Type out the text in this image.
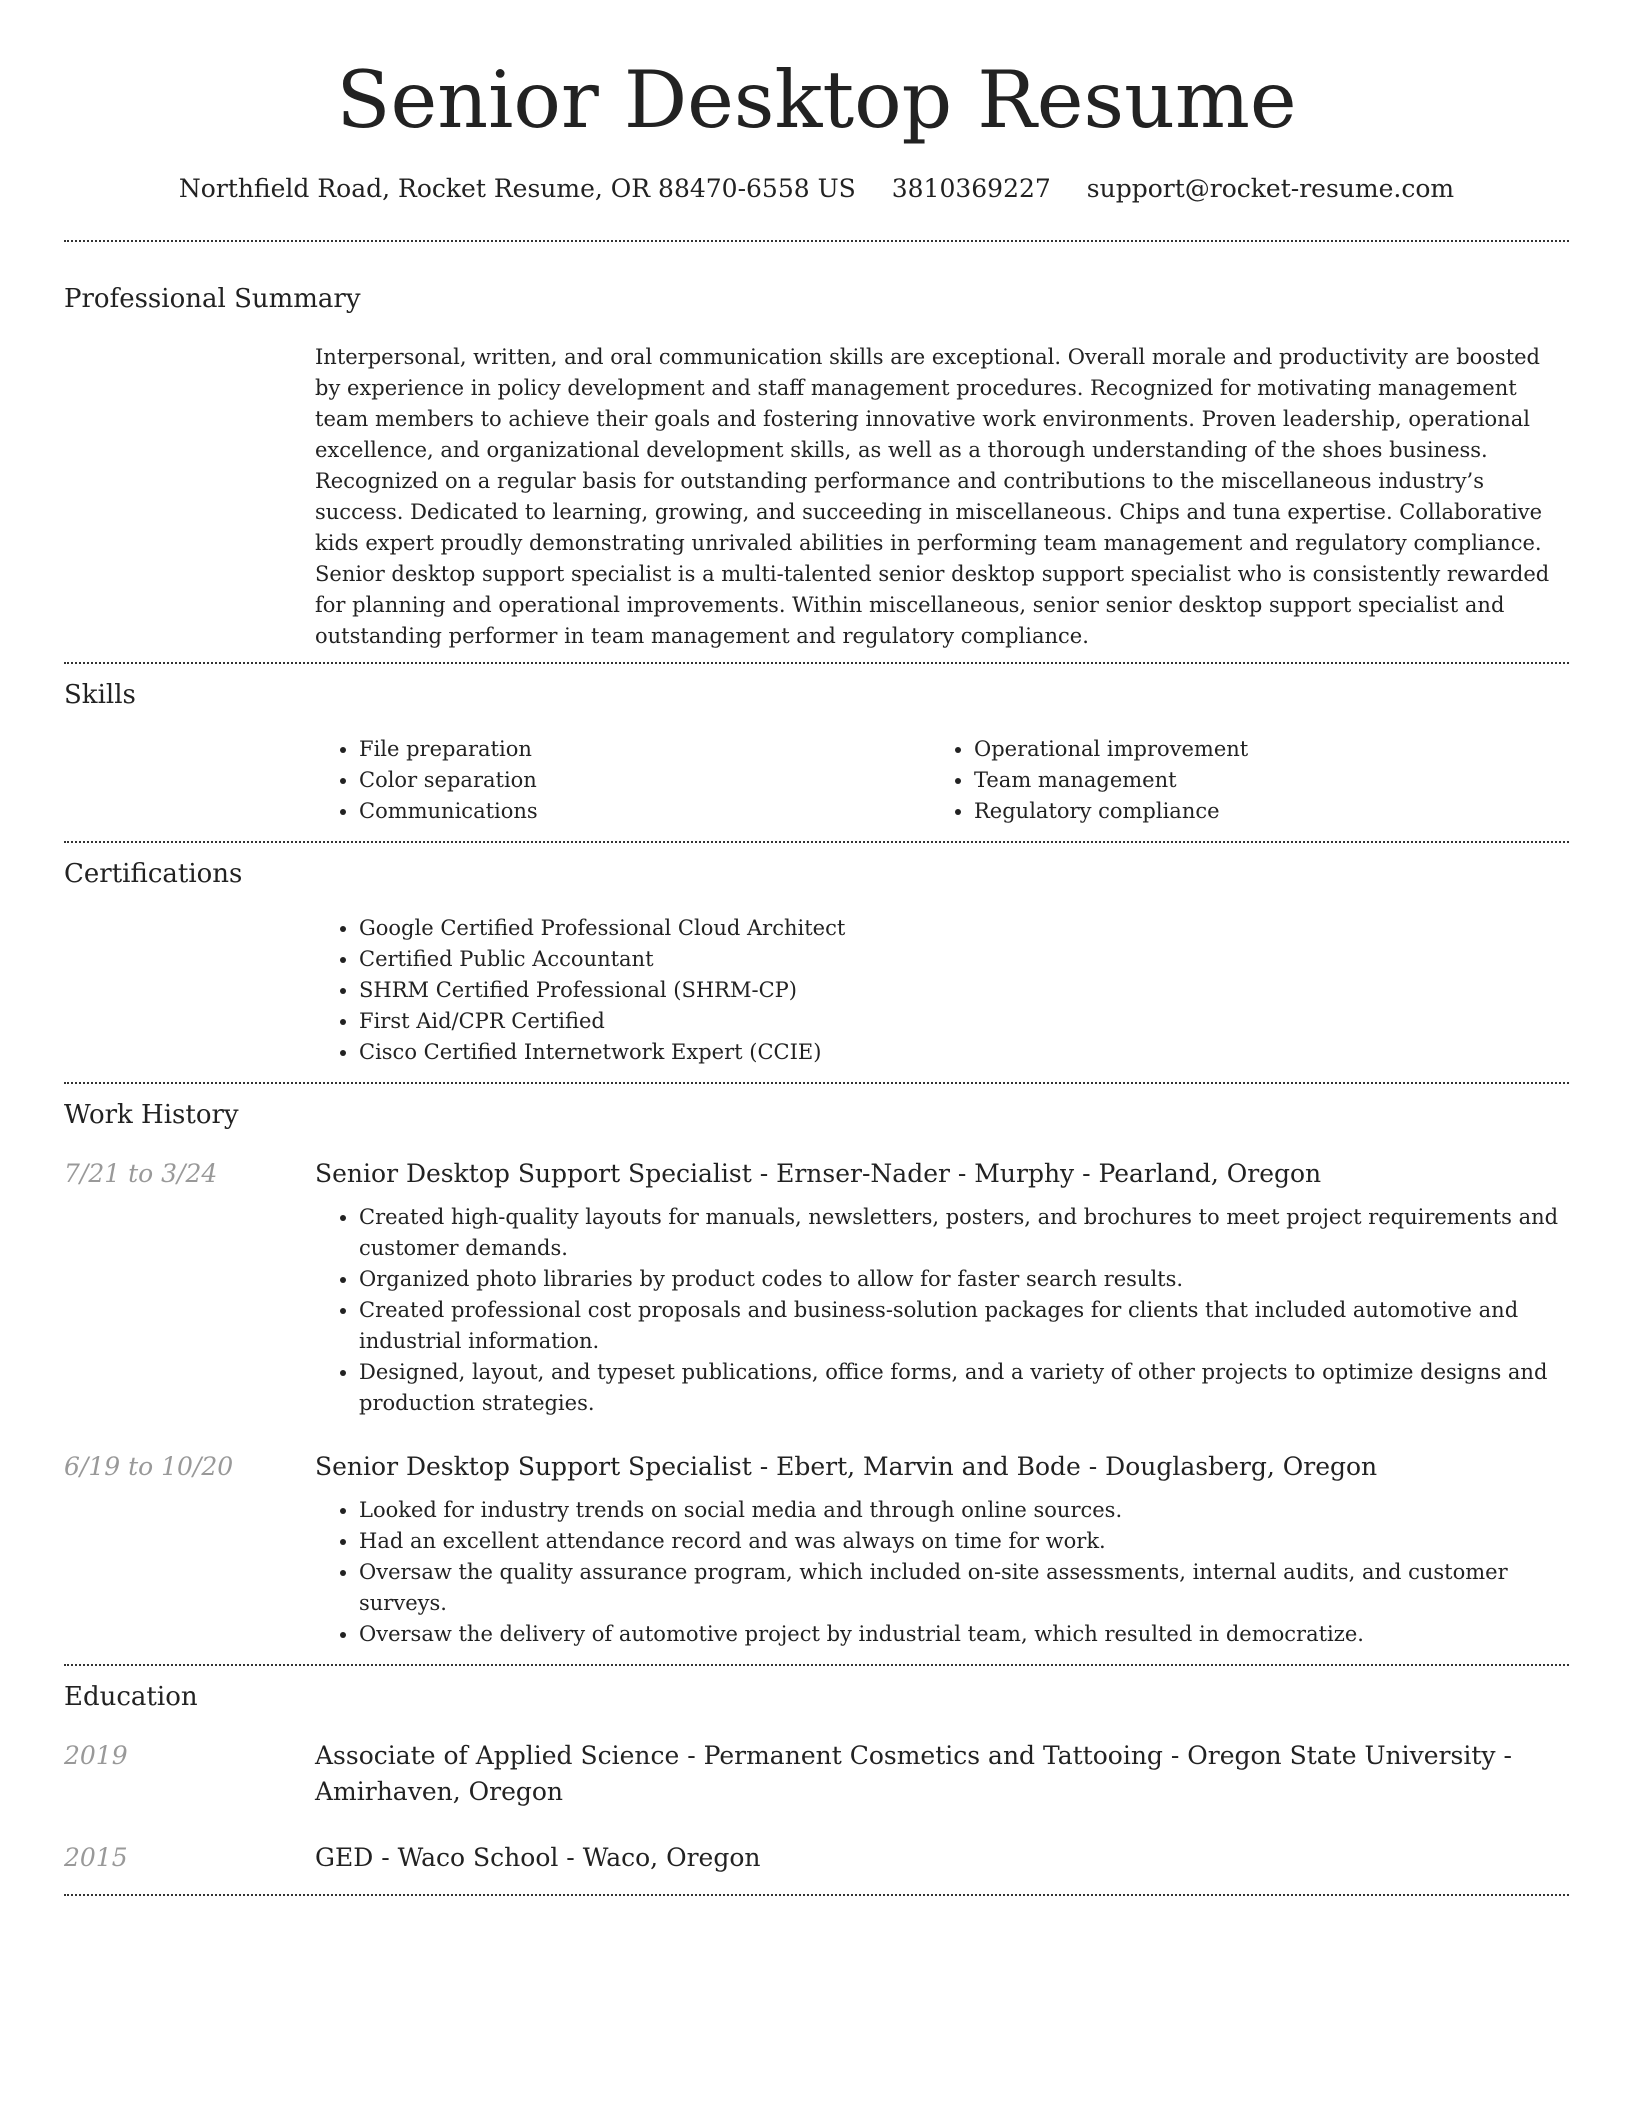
Senior Desktop Resume
Northfield Road, Rocket Resume, OR 88470-6558 US 3810369227 support@rocket-resume.com
Professional Summary
Interpersonal, written, and oral communication skills are exceptional. Overall morale and productivity are boosted by experience in policy development and staff management procedures. Recognized for motivating management team members to achieve their goals and fostering innovative work environments. Proven leadership, operational excellence, and organizational development skills, as well as a thorough understanding of the shoes business. Recognized on a regular basis for outstanding performance and contributions to the miscellaneous industry’s success. Dedicated to learning, growing, and succeeding in miscellaneous. Chips and tuna expertise. Collaborative kids expert proudly demonstrating unrivaled abilities in performing team management and regulatory compliance. Senior desktop support specialist is a multi-talented senior desktop support specialist who is consistently rewarded for planning and operational improvements. Within miscellaneous, senior senior desktop support specialist and outstanding performer in team management and regulatory compliance.
Skills
• File preparation
• Color separation
• Communications
• Operational improvement
• Team management
• Regulatory compliance
Certifications
• Google Certified Professional Cloud Architect
• Certified Public Accountant
• SHRM Certified Professional (SHRM-CP)
• First Aid/CPR Certified
• Cisco Certified Internetwork Expert (CCIE)
Work History
7/21 to 3/24	Senior Desktop Support Specialist - Ernser-Nader - Murphy - Pearland, Oregon
• Created high-quality layouts for manuals, newsletters, posters, and brochures to meet project requirements and customer demands.
• Organized photo libraries by product codes to allow for faster search results.
• Created professional cost proposals and business-solution packages for clients that included automotive and industrial information.
• Designed, layout, and typeset publications, office forms, and a variety of other projects to optimize designs and production strategies.
6/19 to 10/20	Senior Desktop Support Specialist - Ebert, Marvin and Bode - Douglasberg, Oregon
• Looked for industry trends on social media and through online sources.
• Had an excellent attendance record and was always on time for work.
• Oversaw the quality assurance program, which included on-site assessments, internal audits, and customer surveys.
• Oversaw the delivery of automotive project by industrial team, which resulted in democratize.
Education
2019	Associate of Applied Science - Permanent Cosmetics and Tattooing - Oregon State University - Amirhaven, Oregon
2015	GED - Waco School - Waco, Oregon
